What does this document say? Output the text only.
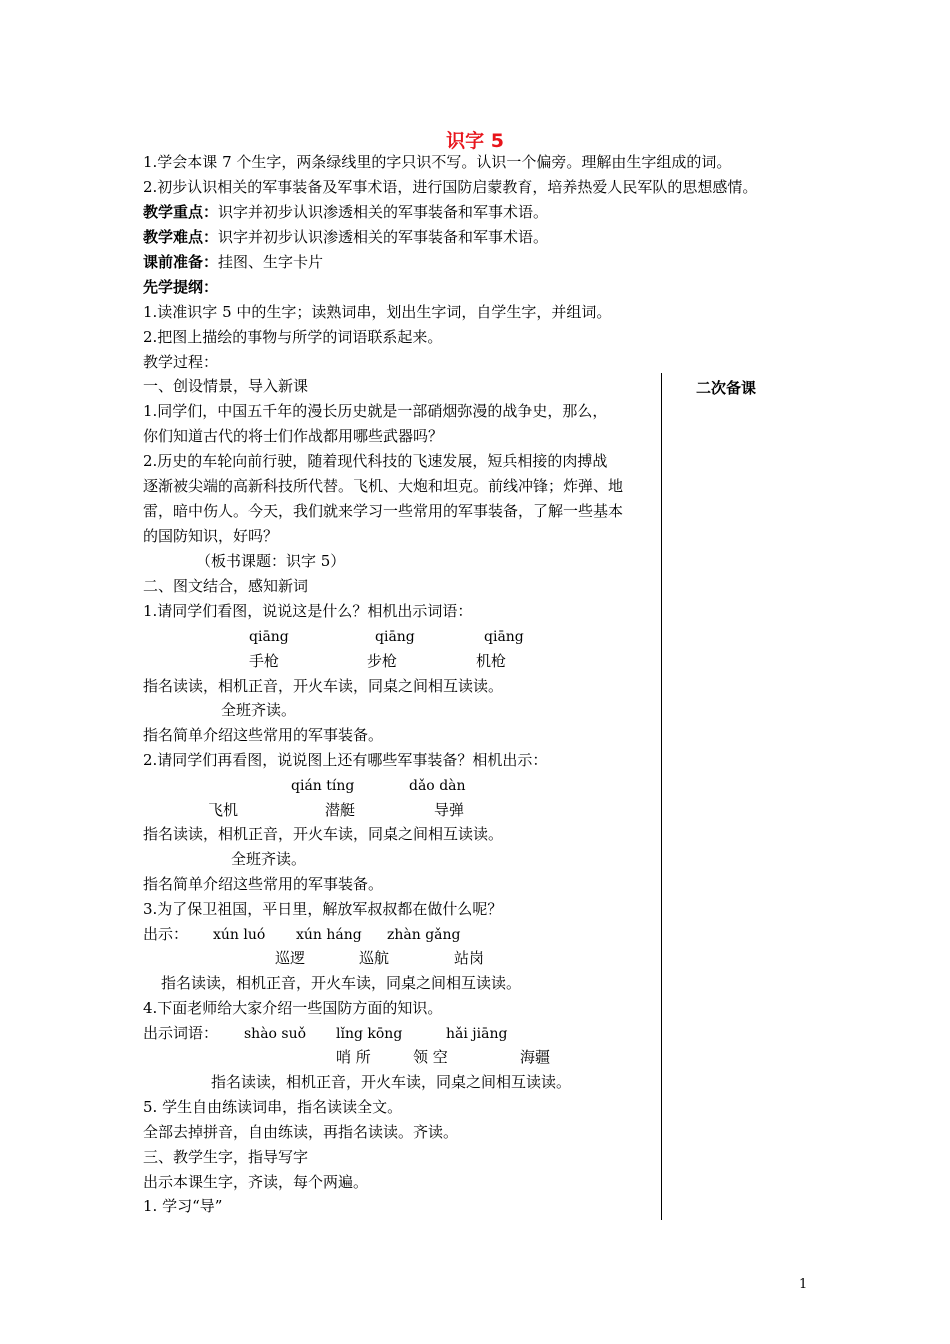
识字 5
1.学会本课 7 个生字，两条绿线里的字只识不写。认识一个偏旁。理解由生字组成的词。
2.初步认识相关的军事装备及军事术语，进行国防启蒙教育，培养热爱人民军队的思想感情。
教学重点：识字并初步认识渗透相关的军事装备和军事术语。
教学难点：识字并初步认识渗透相关的军事装备和军事术语。
课前准备：挂图、生字卡片
先学提纲：
1.读准识字 5 中的生字；读熟词串，划出生字词，自学生字，并组词。
2.把图上描绘的事物与所学的词语联系起来。
教学过程：
二次备课
一、创设情景，导入新课
1.同学们，中国五千年的漫长历史就是一部硝烟弥漫的战争史，那么，
你们知道古代的将士们作战都用哪些武器吗？
2.历史的车轮向前行驶，随着现代科技的飞速发展，短兵相接的肉搏战
逐渐被尖端的高新科技所代替。飞机、大炮和坦克。前线冲锋；炸弹、地
雷，暗中伤人。今天，我们就来学习一些常用的军事装备，了解一些基本
的国防知识，好吗？
（板书课题：识字 5）
二、图文结合，感知新词
1.请同学们看图，说说这是什么？相机出示词语：
qiāng	qiāng	qiāng
手枪	步枪	机枪
指名读读，相机正音，开火车读，同桌之间相互读读。
全班齐读。
指名简单介绍这些常用的军事装备。
2.请同学们再看图，说说图上还有哪些军事装备？相机出示：
qián tíng	dǎo dàn
飞机	潜艇	导弹
指名读读，相机正音，开火车读，同桌之间相互读读。
全班齐读。
指名简单介绍这些常用的军事装备。
3.为了保卫祖国，平日里，解放军叔叔都在做什么呢？
出示： xún luó xún háng zhàn gǎng
巡逻	巡航	站岗
指名读读，相机正音，开火车读，同桌之间相互读读。
4.下面老师给大家介绍一些国防方面的知识。
出示词语： shào suǒ lǐng kōng	hǎi jiāng
哨 所	领 空	海疆
指名读读，相机正音，开火车读，同桌之间相互读读。
5. 学生自由练读词串，指名读读全文。
全部去掉拼音，自由练读，再指名读读。齐读。
三、教学生字，指导写字
出示本课生字，齐读，每个两遍。
1. 学习“导”
1
